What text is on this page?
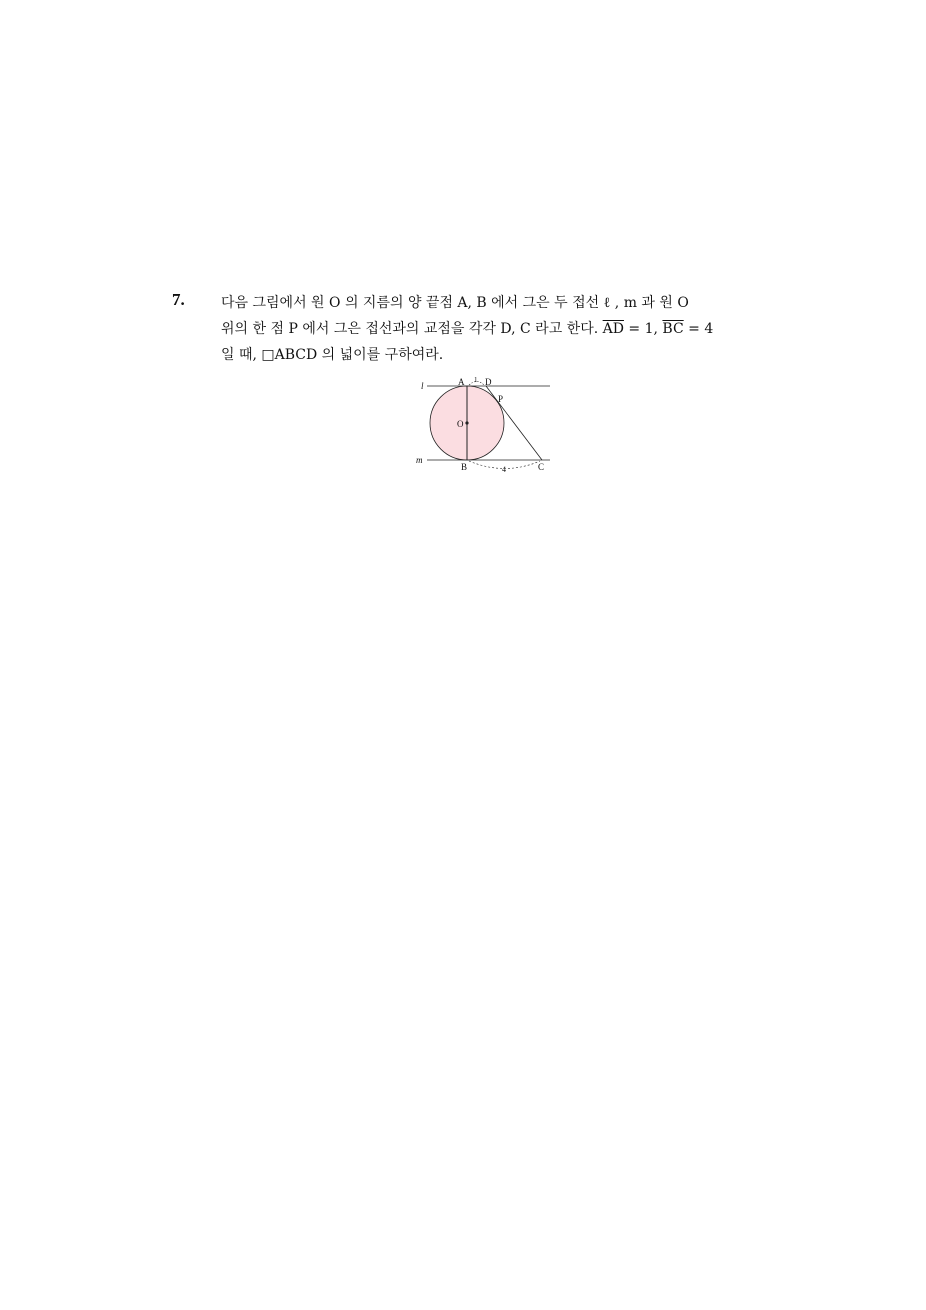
7.	다음 그림에서 원 O 의 지름의 양 끝점 A, B 에서 그은 두 접선 ℓ , m 과 원 O
위의 한 점 P 에서 그은 접선과의 교점을 각각 D, C 라고 한다. $\overline{AD} = 1$, $\overline{BC} = 4$
일 때, □ABCD 의 넓이를 구하여라.
l
m
A D
P
O
B	C
1
4
